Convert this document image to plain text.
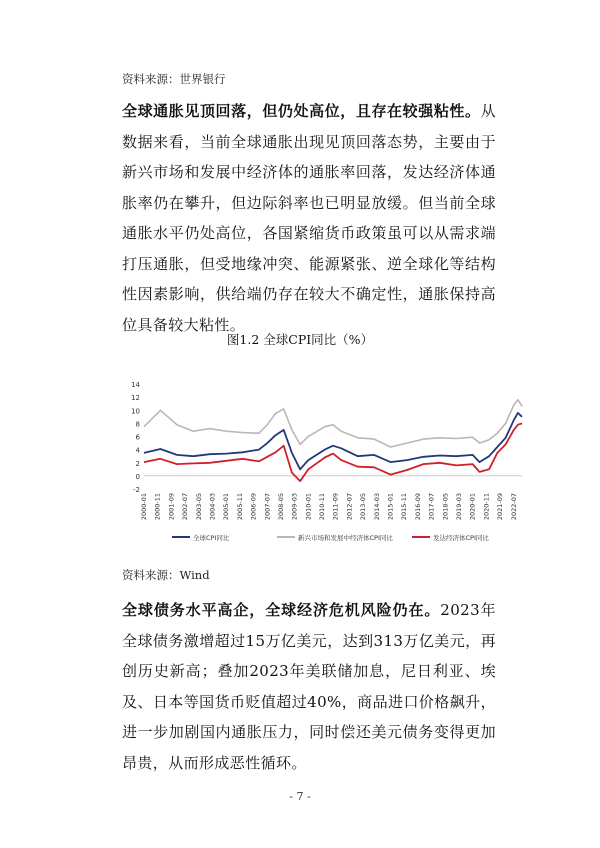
资料来源：世界银行
全球通胀见顶回落，但仍处高位，且存在较强粘性。从数据来看，当前全球通胀出现见顶回落态势，主要由于新兴市场和发展中经济体的通胀率回落，发达经济体通胀率仍在攀升，但边际斜率也已明显放缓。但当前全球通胀水平仍处高位，各国紧缩货币政策虽可以从需求端打压通胀，但受地缘冲突、能源紧张、逆全球化等结构性因素影响，供给端仍存在较大不确定性，通胀保持高位具备较大粘性。
图1.2 全球CPI同比（%）
-2
0
2
4
6
8
10
12
14
2000-01 2000-11 2001-09 2002-07 2003-05 2004-03 2005-01 2005-11 2006-09 2007-07 2008-05 2009-03 2010-01 2010-11 2011-09 2012-07 2013-05 2014-03 2015-01 2015-11 2016-09 2017-07 2018-05 2019-03 2020-01 2020-11 2021-09 2022-07
全球CPI同比	新兴市场和发展中经济体CPI同比	发达经济体CPI同比
资料来源：Wind
全球债务水平高企，全球经济危机风险仍在。2023年全球债务激增超过15万亿美元，达到313万亿美元，再创历史新高；叠加2023年美联储加息，尼日利亚、埃及、日本等国货币贬值超过40%，商品进口价格飙升，进一步加剧国内通胀压力，同时偿还美元债务变得更加昂贵，从而形成恶性循环。
- 7 -
